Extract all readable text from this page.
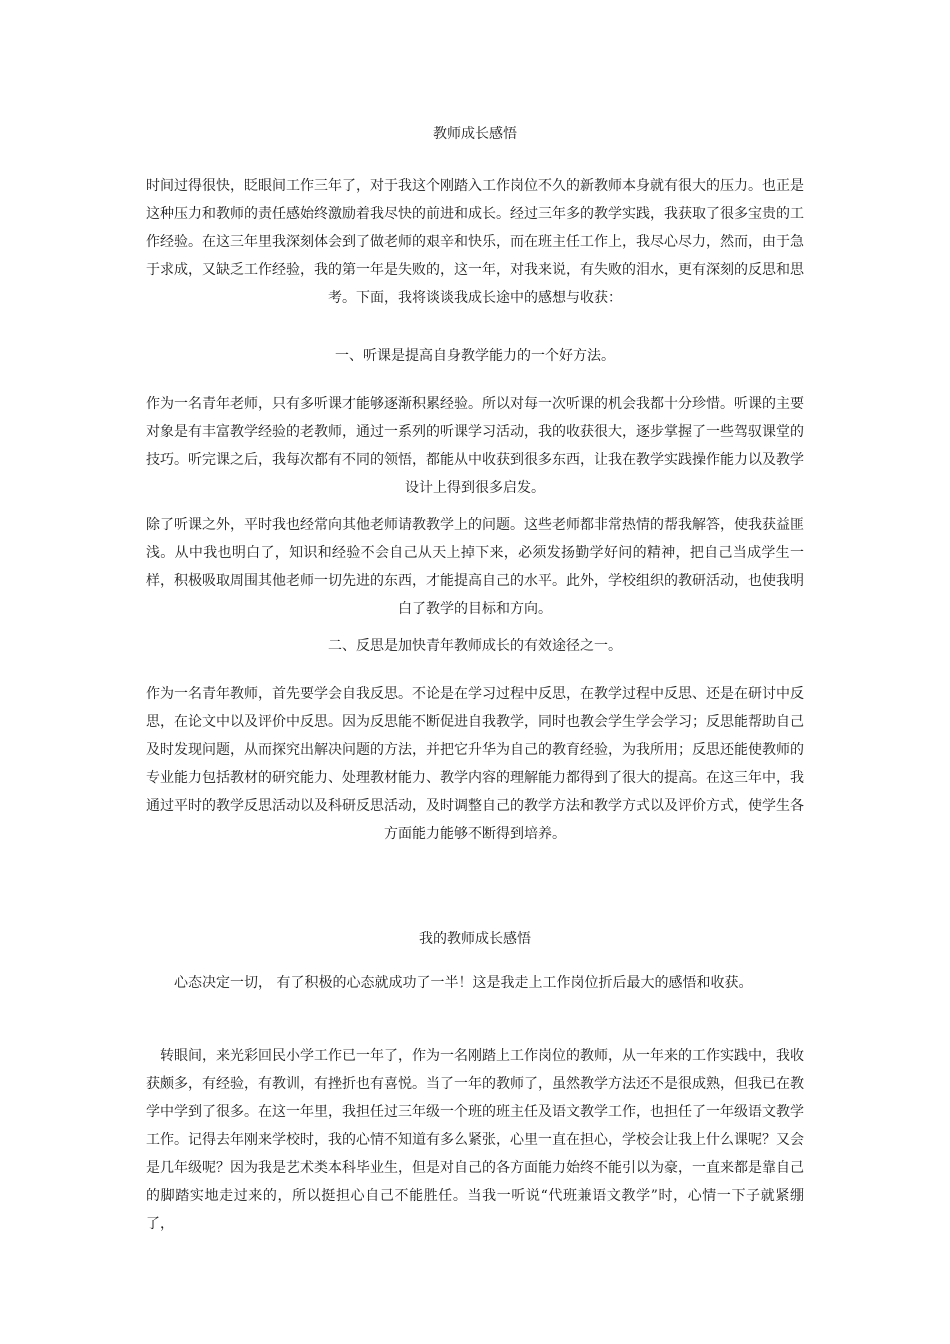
教师成长感悟

时间过得很快，眨眼间工作三年了，对于我这个刚踏入工作岗位不久的新教师本身就有很大的压力。也正是这种压力和教师的责任感始终激励着我尽快的前进和成长。经过三年多的教学实践，我获取了很多宝贵的工作经验。在这三年里我深刻体会到了做老师的艰辛和快乐，而在班主任工作上，我尽心尽力，然而，由于急于求成，又缺乏工作经验，我的第一年是失败的，这一年，对我来说，有失败的泪水，更有深刻的反思和思考。下面，我将谈谈我成长途中的感想与收获：

一、听课是提高自身教学能力的一个好方法。

作为一名青年老师，只有多听课才能够逐渐积累经验。所以对每一次听课的机会我都十分珍惜。听课的主要对象是有丰富教学经验的老教师，通过一系列的听课学习活动，我的收获很大，逐步掌握了一些驾驭课堂的技巧。听完课之后，我每次都有不同的领悟，都能从中收获到很多东西，让我在教学实践操作能力以及教学设计上得到很多启发。

除了听课之外，平时我也经常向其他老师请教教学上的问题。这些老师都非常热情的帮我解答，使我获益匪浅。从中我也明白了，知识和经验不会自己从天上掉下来，必须发扬勤学好问的精神，把自己当成学生一样，积极吸取周围其他老师一切先进的东西，才能提高自己的水平。此外，学校组织的教研活动，也使我明白了教学的目标和方向。

二、反思是加快青年教师成长的有效途径之一。

作为一名青年教师，首先要学会自我反思。不论是在学习过程中反思，在教学过程中反思、还是在研讨中反思，在论文中以及评价中反思。因为反思能不断促进自我教学，同时也教会学生学会学习；反思能帮助自己及时发现问题，从而探究出解决问题的方法，并把它升华为自己的教育经验，为我所用；反思还能使教师的专业能力包括教材的研究能力、处理教材能力、教学内容的理解能力都得到了很大的提高。在这三年中，我通过平时的教学反思活动以及科研反思活动，及时调整自己的教学方法和教学方式以及评价方式，使学生各方面能力能够不断得到培养。

我的教师成长感悟

心态决定一切， 有了积极的心态就成功了一半！这是我走上工作岗位折后最大的感悟和收获。

转眼间，来光彩回民小学工作已一年了，作为一名刚踏上工作岗位的教师，从一年来的工作实践中，我收获颇多，有经验，有教训，有挫折也有喜悦。当了一年的教师了，虽然教学方法还不是很成熟，但我已在教学中学到了很多。在这一年里，我担任过三年级一个班的班主任及语文教学工作，也担任了一年级语文教学工作。记得去年刚来学校时，我的心情不知道有多么紧张，心里一直在担心，学校会让我上什么课呢？又会是几年级呢？因为我是艺术类本科毕业生，但是对自己的各方面能力始终不能引以为豪，一直来都是靠自己的脚踏实地走过来的，所以挺担心自己不能胜任。当我一听说“代班兼语文教学”时，心情一下子就紧绷了，
